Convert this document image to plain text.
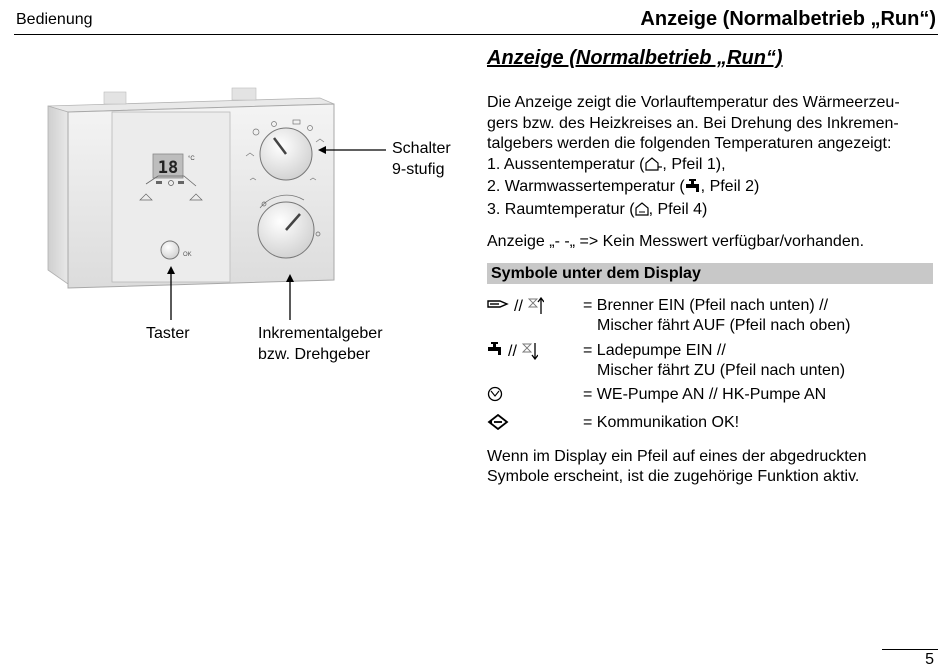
Bedienung	Anzeige (Normalbetrieb „Run“)
18 °C
OK
Schalter
9-stufig
Taster	Inkrementalgeber
bzw. Drehgeber
Anzeige (Normalbetrieb „Run“)

Die Anzeige zeigt die Vorlauftemperatur des Wärmeerzeu-

gers bzw. des Heizkreises an. Bei Drehung des Inkremen-

talgebers werden die folgenden Temperaturen angezeigt:

1. Aussentemperatur ( , Pfeil 1),
2. Warmwassertemperatur ( , Pfeil 2)
3. Raumtemperatur ( , Pfeil 4)
Anzeige „- -„ => Kein Messwert verfügbar/vorhanden.
Symbole unter dem Display
//	= Brenner EIN (Pfeil nach unten) //
Mischer fährt AUF (Pfeil nach oben)
//	= Ladepumpe EIN //
Mischer fährt ZU (Pfeil nach unten)
= WE-Pumpe AN // HK-Pumpe AN
= Kommunikation OK!
Wenn im Display ein Pfeil auf eines der abgedruckten
Symbole erscheint, ist die zugehörige Funktion aktiv.
5
